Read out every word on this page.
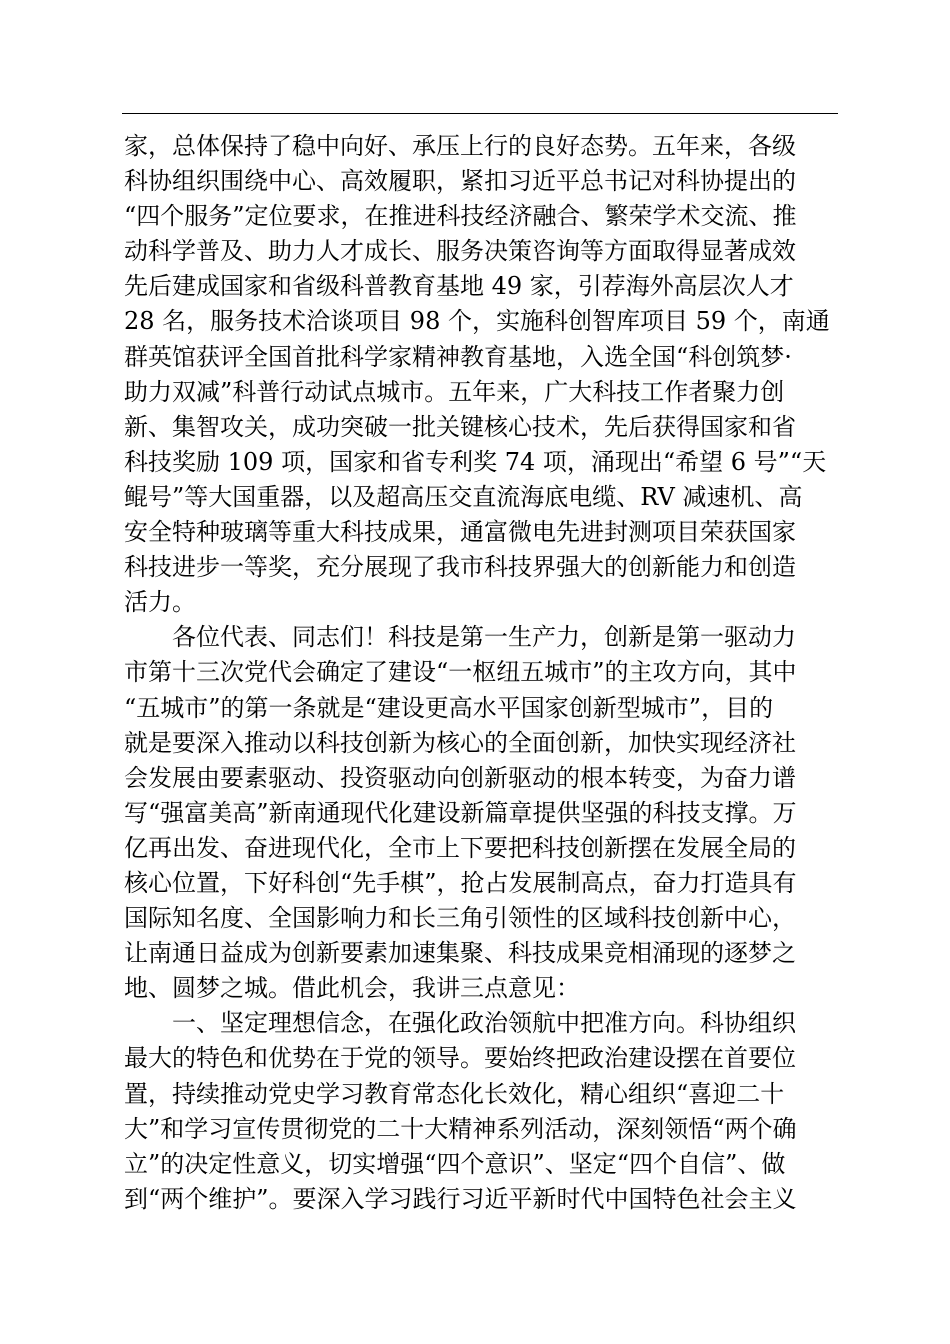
家，总体保持了稳中向好、承压上行的良好态势。五年来，各级
科协组织围绕中心、高效履职，紧扣习近平总书记对科协提出的
“四个服务”定位要求，在推进科技经济融合、繁荣学术交流、推
动科学普及、助力人才成长、服务决策咨询等方面取得显著成效
先后建成国家和省级科普教育基地 49 家，引荐海外高层次人才
28 名，服务技术洽谈项目 98 个，实施科创智库项目 59 个，南通
群英馆获评全国首批科学家精神教育基地，入选全国“科创筑梦·
助力双减”科普行动试点城市。五年来，广大科技工作者聚力创
新、集智攻关，成功突破一批关键核心技术，先后获得国家和省
科技奖励 109 项，国家和省专利奖 74 项，涌现出“希望 6 号”“天
鲲号”等大国重器，以及超高压交直流海底电缆、RV 减速机、高
安全特种玻璃等重大科技成果，通富微电先进封测项目荣获国家
科技进步一等奖，充分展现了我市科技界强大的创新能力和创造
活力。
各位代表、同志们！科技是第一生产力，创新是第一驱动力
市第十三次党代会确定了建设“一枢纽五城市”的主攻方向，其中
“五城市”的第一条就是“建设更高水平国家创新型城市”，目的
就是要深入推动以科技创新为核心的全面创新，加快实现经济社
会发展由要素驱动、投资驱动向创新驱动的根本转变，为奋力谱
写“强富美高”新南通现代化建设新篇章提供坚强的科技支撑。万
亿再出发、奋进现代化，全市上下要把科技创新摆在发展全局的
核心位置，下好科创“先手棋”，抢占发展制高点，奋力打造具有
国际知名度、全国影响力和长三角引领性的区域科技创新中心，
让南通日益成为创新要素加速集聚、科技成果竞相涌现的逐梦之
地、圆梦之城。借此机会，我讲三点意见：
一、坚定理想信念，在强化政治领航中把准方向。科协组织
最大的特色和优势在于党的领导。要始终把政治建设摆在首要位
置，持续推动党史学习教育常态化长效化，精心组织“喜迎二十
大”和学习宣传贯彻党的二十大精神系列活动，深刻领悟“两个确
立”的决定性意义，切实增强“四个意识”、坚定“四个自信”、做
到“两个维护”。要深入学习践行习近平新时代中国特色社会主义
